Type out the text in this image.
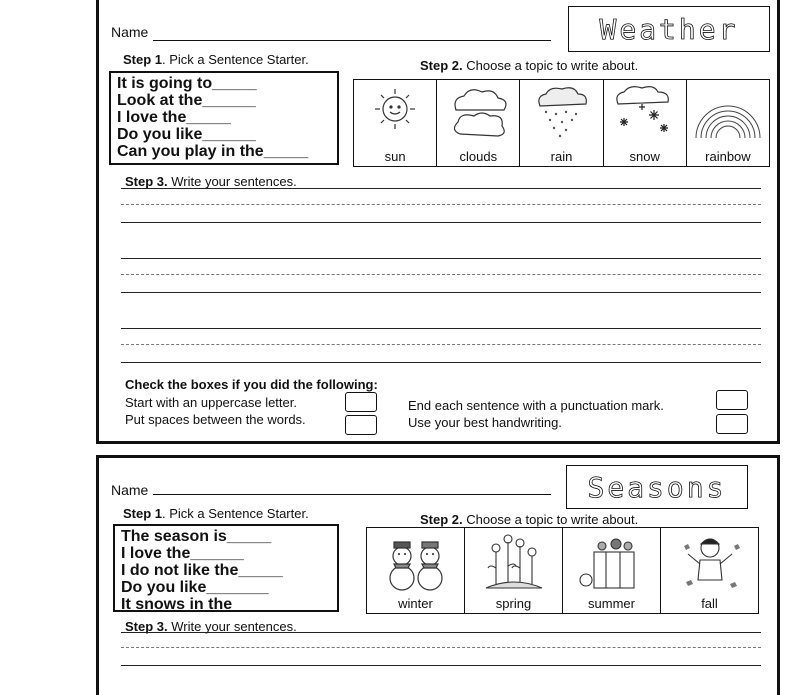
Name	Weather
Step 1. Pick a Sentence Starter.	Step 2. Choose a topic to write about.
It is going to_____
Look at the______
I love the_____
Do you like______
Can you play in the_____	sun	clouds	rain	snow	rainbow
Step 3. Write your sentences.
Check the boxes if you did the following:
Start with an uppercase letter.
Put spaces between the words.
End each sentence with a punctuation mark.
Use your best handwriting.
Name	Seasons
Step 1. Pick a Sentence Starter.	Step 2. Choose a topic to write about.
The season is_____
I love the______
I do not like the_____
Do you like_______
It snows in the_____	winter	spring	summer	fall
Step 3. Write your sentences.
